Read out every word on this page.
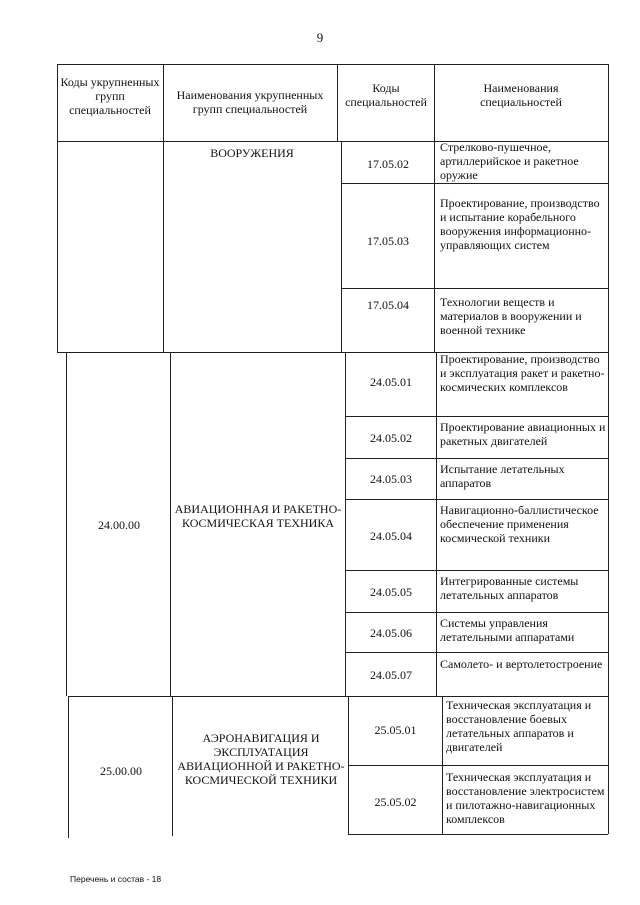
9
Коды укрупненных групп специальностей
Наименования укрупненных групп специальностей
Коды специальностей
Наименования специальностей
ВООРУЖЕНИЯ
17.05.02
Стрелково-пушечное, артиллерийское и ракетное оружие
17.05.03
Проектирование, производство и испытание корабельного вооружения информационно-управляющих систем
17.05.04	Технологии веществ и материалов в вооружении и военной технике
24.00.00
АВИАЦИОННАЯ И РАКЕТНО-КОСМИЧЕСКАЯ ТЕХНИКА
24.05.01
Проектирование, производство и эксплуатация ракет и ракетно-космических комплексов
24.05.02
Проектирование авиационных и ракетных двигателей
24.05.03
Испытание летательных аппаратов
24.05.04
Навигационно-баллистическое обеспечение применения космической техники
24.05.05
Интегрированные системы летательных аппаратов
24.05.06
Системы управления летательными аппаратами
24.05.07
Самолето- и вертолетостроение
25.00.00
АЭРОНАВИГАЦИЯ И ЭКСПЛУАТАЦИЯ АВИАЦИОННОЙ И РАКЕТНО-КОСМИЧЕСКОЙ ТЕХНИКИ
25.05.01
Техническая эксплуатация и восстановление боевых летательных аппаратов и двигателей
25.05.02
Техническая эксплуатация и восстановление электросистем и пилотажно-навигационных комплексов
Перечень и состав - 18
